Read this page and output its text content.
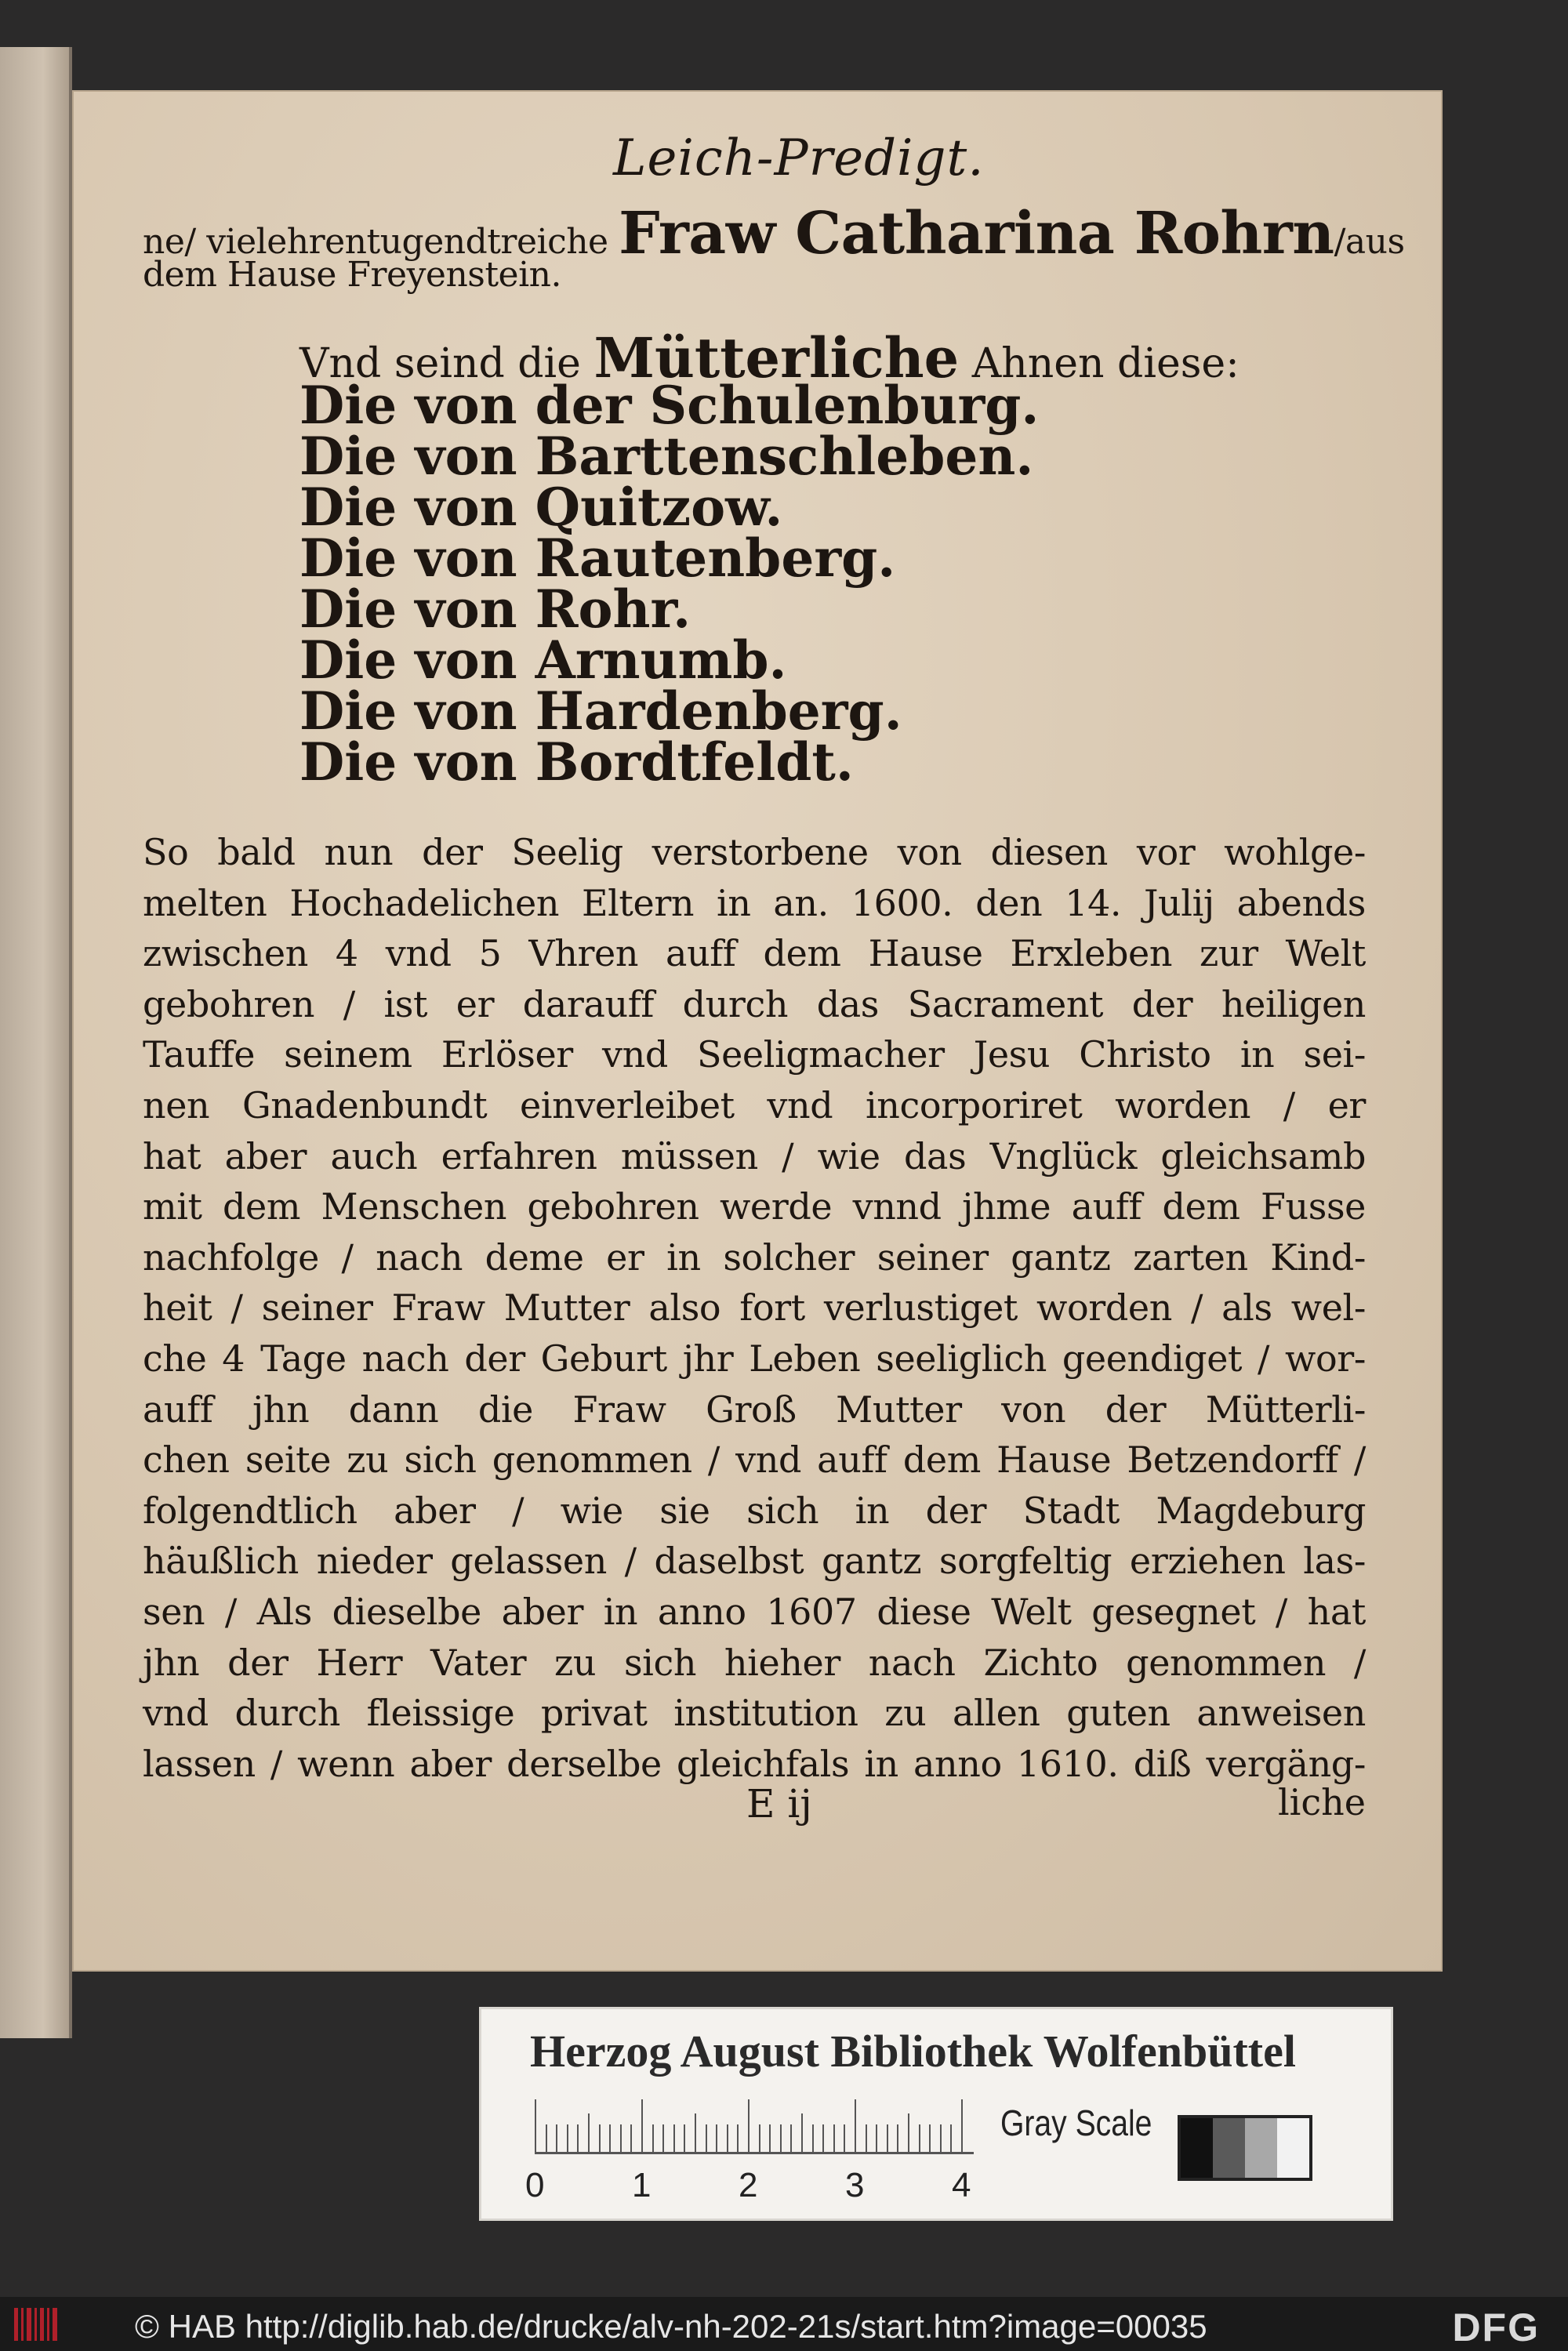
Leich-Predigt.
ne/ vielehrentugendtreiche Fraw Catharina Rohrn/aus
dem Hause Freyenstein.
Vnd seind die Mütterliche Ahnen diese:
Die von der Schulenburg.
Die von Barttenschleben.
Die von Quitzow.
Die von Rautenberg.
Die von Rohr.
Die von Arnumb.
Die von Hardenberg.
Die von Bordtfeldt.
So bald nun der Seelig verstorbene von diesen vor wohlge-
melten Hochadelichen Eltern in an. 1600. den 14. Julij abends
zwischen 4 vnd 5 Vhren auff dem Hause Erxleben zur Welt
gebohren / ist er darauff durch das Sacrament der heiligen
Tauffe seinem Erlöser vnd Seeligmacher Jesu Christo in sei-
nen Gnadenbundt einverleibet vnd incorporiret worden / er
hat aber auch erfahren müssen / wie das Vnglück gleichsamb
mit dem Menschen gebohren werde vnnd jhme auff dem Fusse
nachfolge / nach deme er in solcher seiner gantz zarten Kind-
heit / seiner Fraw Mutter also fort verlustiget worden / als wel-
che 4 Tage nach der Geburt jhr Leben seeliglich geendiget / wor-
auff jhn dann die Fraw Groß Mutter von der Mütterli-
chen seite zu sich genommen / vnd auff dem Hause Betzendorff /
folgendtlich aber / wie sie sich in der Stadt Magdeburg
häußlich nieder gelassen / daselbst gantz sorgfeltig erziehen las-
sen / Als dieselbe aber in anno 1607 diese Welt gesegnet / hat
jhn der Herr Vater zu sich hieher nach Zichto genommen /
vnd durch fleissige privat institution zu allen guten anweisen
lassen / wenn aber derselbe gleichfals in anno 1610. diß vergäng-
E ij	liche
Herzog August Bibliothek Wolfenbüttel
0	1	2	3	4
Gray Scale
© HAB http://diglib.hab.de/drucke/alv-nh-202-21s/start.htm?image=00035	DFG
